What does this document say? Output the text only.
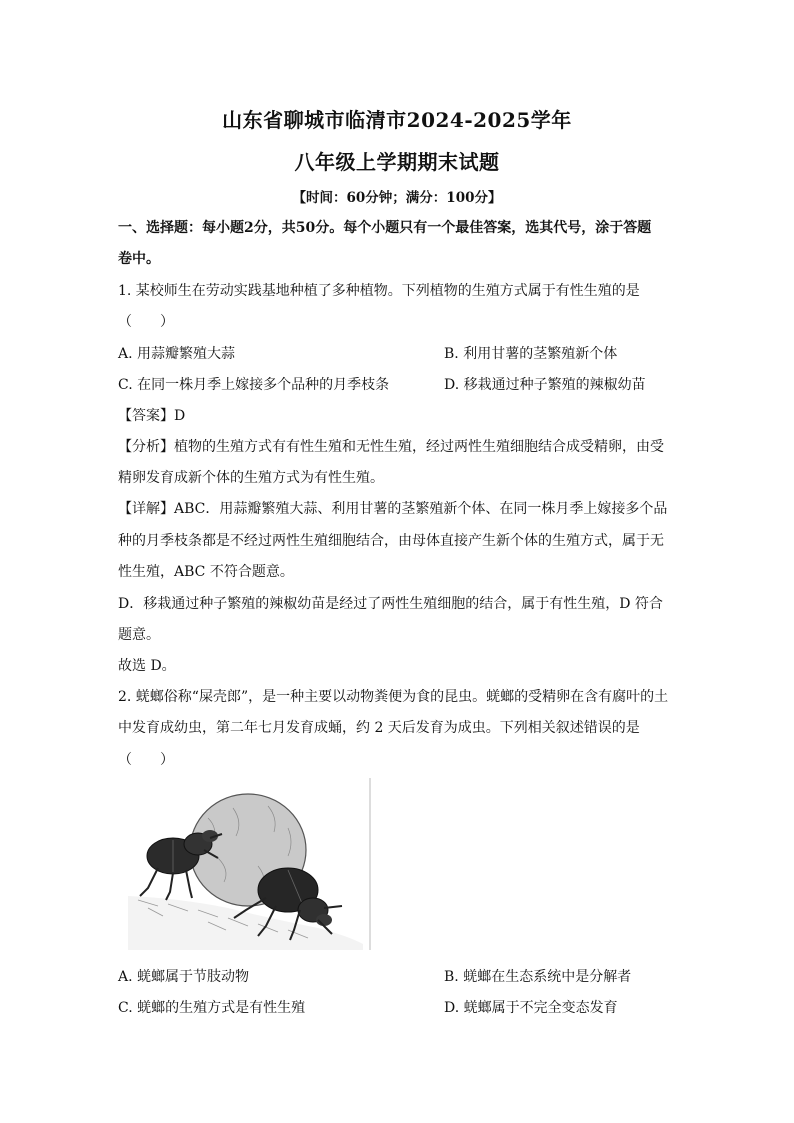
山东省聊城市临清市2024-2025学年
八年级上学期期末试题
【时间：60分钟；满分：100分】
一、选择题：每小题2分，共50分。每个小题只有一个最佳答案，选其代号，涂于答题
卷中。
1. 某校师生在劳动实践基地种植了多种植物。下列植物的生殖方式属于有性生殖的是
（　　）
A. 用蒜瓣繁殖大蒜	B. 利用甘薯的茎繁殖新个体
C. 在同一株月季上嫁接多个品种的月季枝条	D. 移栽通过种子繁殖的辣椒幼苗
【答案】D
【分析】植物的生殖方式有有性生殖和无性生殖，经过两性生殖细胞结合成受精卵，由受
精卵发育成新个体的生殖方式为有性生殖。
【详解】ABC．用蒜瓣繁殖大蒜、利用甘薯的茎繁殖新个体、在同一株月季上嫁接多个品
种的月季枝条都是不经过两性生殖细胞结合，由母体直接产生新个体的生殖方式，属于无
性生殖，ABC 不符合题意。
D．移栽通过种子繁殖的辣椒幼苗是经过了两性生殖细胞的结合，属于有性生殖，D 符合
题意。
故选 D。
2. 蜣螂俗称“屎壳郎”，是一种主要以动物粪便为食的昆虫。蜣螂的受精卵在含有腐叶的土
中发育成幼虫，第二年七月发育成蛹，约 2 天后发育为成虫。下列相关叙述错误的是
（　　）
A. 蜣螂属于节肢动物	B. 蜣螂在生态系统中是分解者
C. 蜣螂的生殖方式是有性生殖	D. 蜣螂属于不完全变态发育
